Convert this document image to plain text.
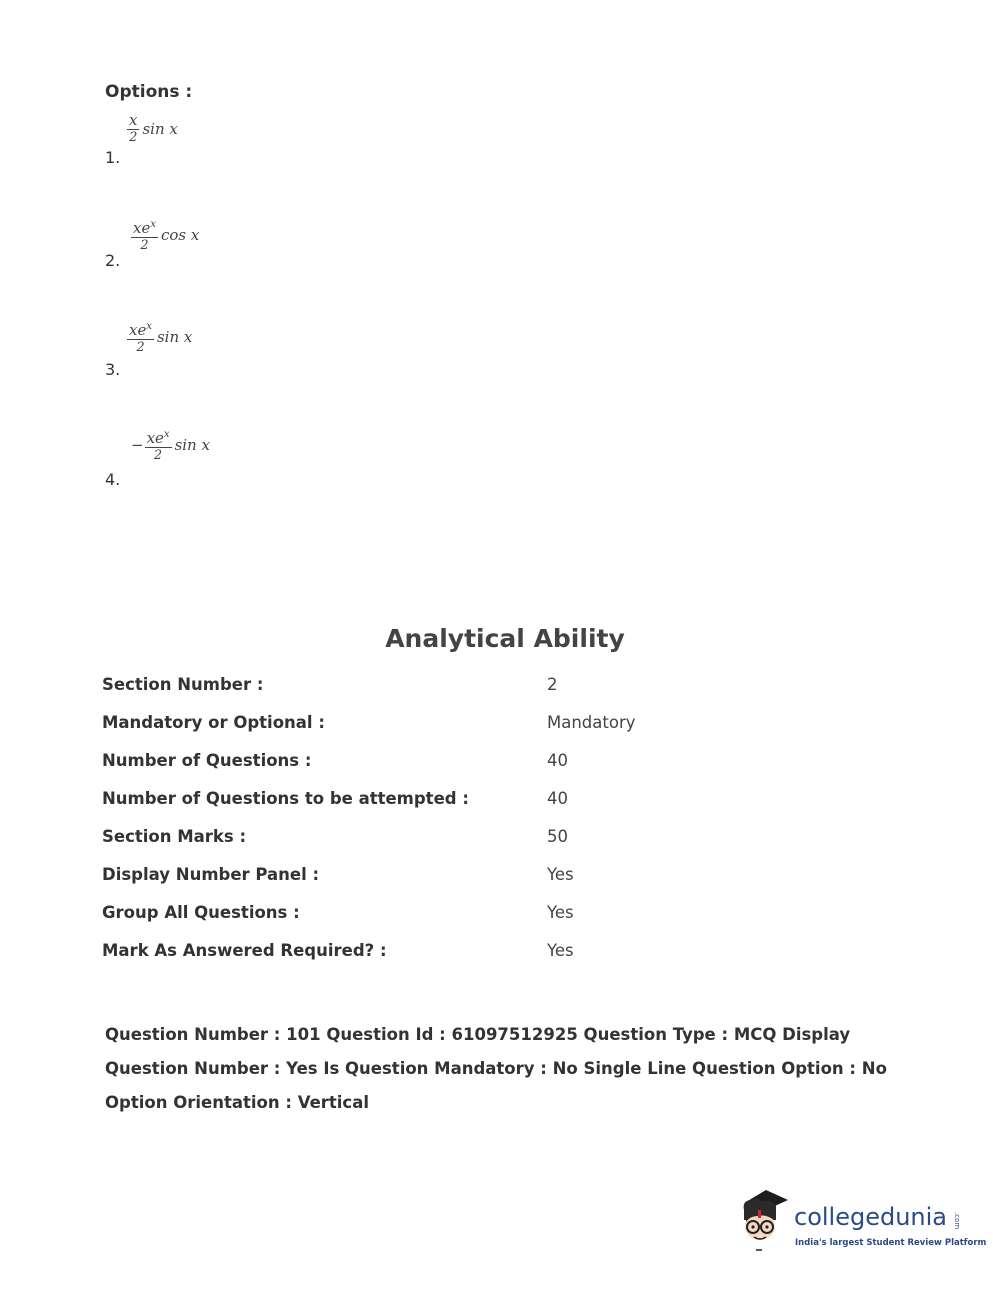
Options :
1.
$\frac{x}{2}$ sin x
2.
$\frac{xe^x}{2}$ cos x
3.
$\frac{xe^x}{2}$ sin x
4.
− $\frac{xe^x}{2}$ sin x
Analytical Ability
Section Number :	2
Mandatory or Optional :	Mandatory
Number of Questions :	40
Number of Questions to be attempted :	40
Section Marks :	50
Display Number Panel :	Yes
Group All Questions :	Yes
Mark As Answered Required? :	Yes
Question Number : 101 Question Id : 61097512925 Question Type : MCQ Display Question Number : Yes Is Question Mandatory : No Single Line Question Option : No Option Orientation : Vertical
collegedunia .com
India's largest Student Review Platform
